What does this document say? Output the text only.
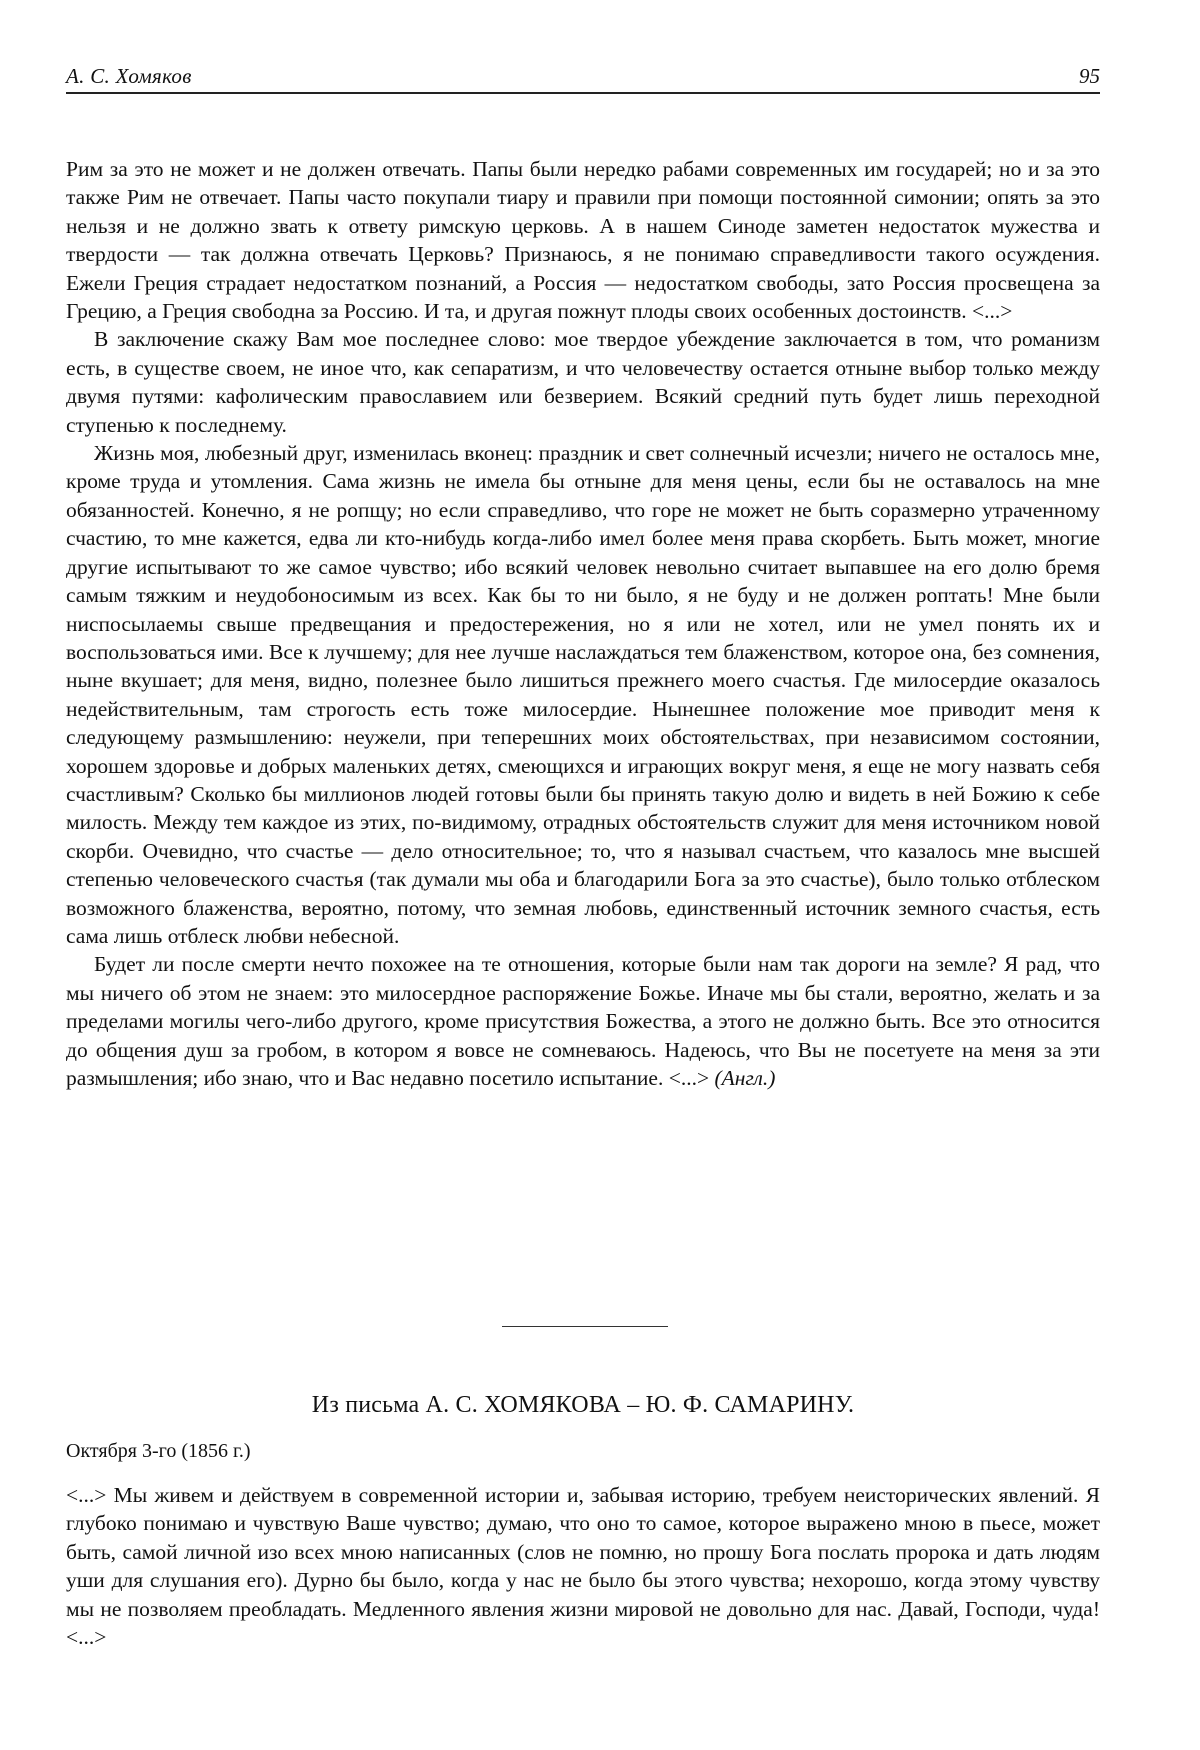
А. С. Хомяков	95

Рим за это не может и не должен отвечать. Папы были нередко рабами современных им государей; но и за это также Рим не отвечает. Папы часто покупали тиару и правили при помощи постоянной симонии; опять за это нельзя и не должно звать к ответу римскую церковь. А в нашем Синоде заметен недостаток мужества и твердости — так должна отвечать Церковь? Признаюсь, я не понимаю справедливости такого осуждения. Ежели Греция страдает недостатком познаний, а Россия — недостатком свободы, зато Россия просвещена за Грецию, а Греция свободна за Россию. И та, и другая пожнут плоды своих особенных достоинств. <...>

В заключение скажу Вам мое последнее слово: мое твердое убеждение заключается в том, что романизм есть, в существе своем, не иное что, как сепаратизм, и что человечеству остается отныне выбор только между двумя путями: кафолическим православием или безверием. Всякий средний путь будет лишь переходной ступенью к последнему.

Жизнь моя, любезный друг, изменилась вконец: праздник и свет солнечный исчезли; ничего не осталось мне, кроме труда и утомления. Сама жизнь не имела бы отныне для меня цены, если бы не оставалось на мне обязанностей. Конечно, я не ропщу; но если справедливо, что горе не может не быть соразмерно утраченному счастию, то мне кажется, едва ли кто-нибудь когда-либо имел более меня права скорбеть. Быть может, многие другие испытывают то же самое чувство; ибо всякий человек невольно считает выпавшее на его долю бремя самым тяжким и неудобоносимым из всех. Как бы то ни было, я не буду и не должен роптать! Мне были ниспосылаемы свыше предвещания и предостережения, но я или не хотел, или не умел понять их и воспользоваться ими. Все к лучшему; для нее лучше наслаждаться тем блаженством, которое она, без сомнения, ныне вкушает; для меня, видно, полезнее было лишиться прежнего моего счастья. Где милосердие оказалось недействительным, там строгость есть тоже милосердие. Нынешнее положение мое приводит меня к следующему размышлению: неужели, при теперешних моих обстоятельствах, при независимом состоянии, хорошем здоровье и добрых маленьких детях, смеющихся и играющих вокруг меня, я еще не могу назвать себя счастливым? Сколько бы миллионов людей готовы были бы принять такую долю и видеть в ней Божию к себе милость. Между тем каждое из этих, по-видимому, отрадных обстоятельств служит для меня источником новой скорби. Очевидно, что счастье — дело относительное; то, что я называл счастьем, что казалось мне высшей степенью человеческого счастья (так думали мы оба и благодарили Бога за это счастье), было только отблеском возможного блаженства, вероятно, потому, что земная любовь, единственный источник земного счастья, есть сама лишь отблеск любви небесной.

Будет ли после смерти нечто похожее на те отношения, которые были нам так дороги на земле? Я рад, что мы ничего об этом не знаем: это милосердное распоряжение Божье. Иначе мы бы стали, вероятно, желать и за пределами могилы чего-либо другого, кроме присутствия Божества, а этого не должно быть. Все это относится до общения душ за гробом, в котором я вовсе не сомневаюсь. Надеюсь, что Вы не посетуете на меня за эти размышления; ибо знаю, что и Вас недавно посетило испытание. <...> (Англ.)

Из письма А. С. ХОМЯКОВА – Ю. Ф. САМАРИНУ.
Октября 3-го (1856 г.)

<...> Мы живем и действуем в современной истории и, забывая историю, требуем неисторических явлений. Я глубоко понимаю и чувствую Ваше чувство; думаю, что оно то самое, которое выражено мною в пьесе, может быть, самой личной изо всех мною написанных (слов не помню, но прошу Бога послать пророка и дать людям уши для слушания его). Дурно бы было, когда у нас не было бы этого чувства; нехорошо, когда этому чувству мы не позволяем преобладать. Медленного явления жизни мировой не довольно для нас. Давай, Господи, чуда! <...>
